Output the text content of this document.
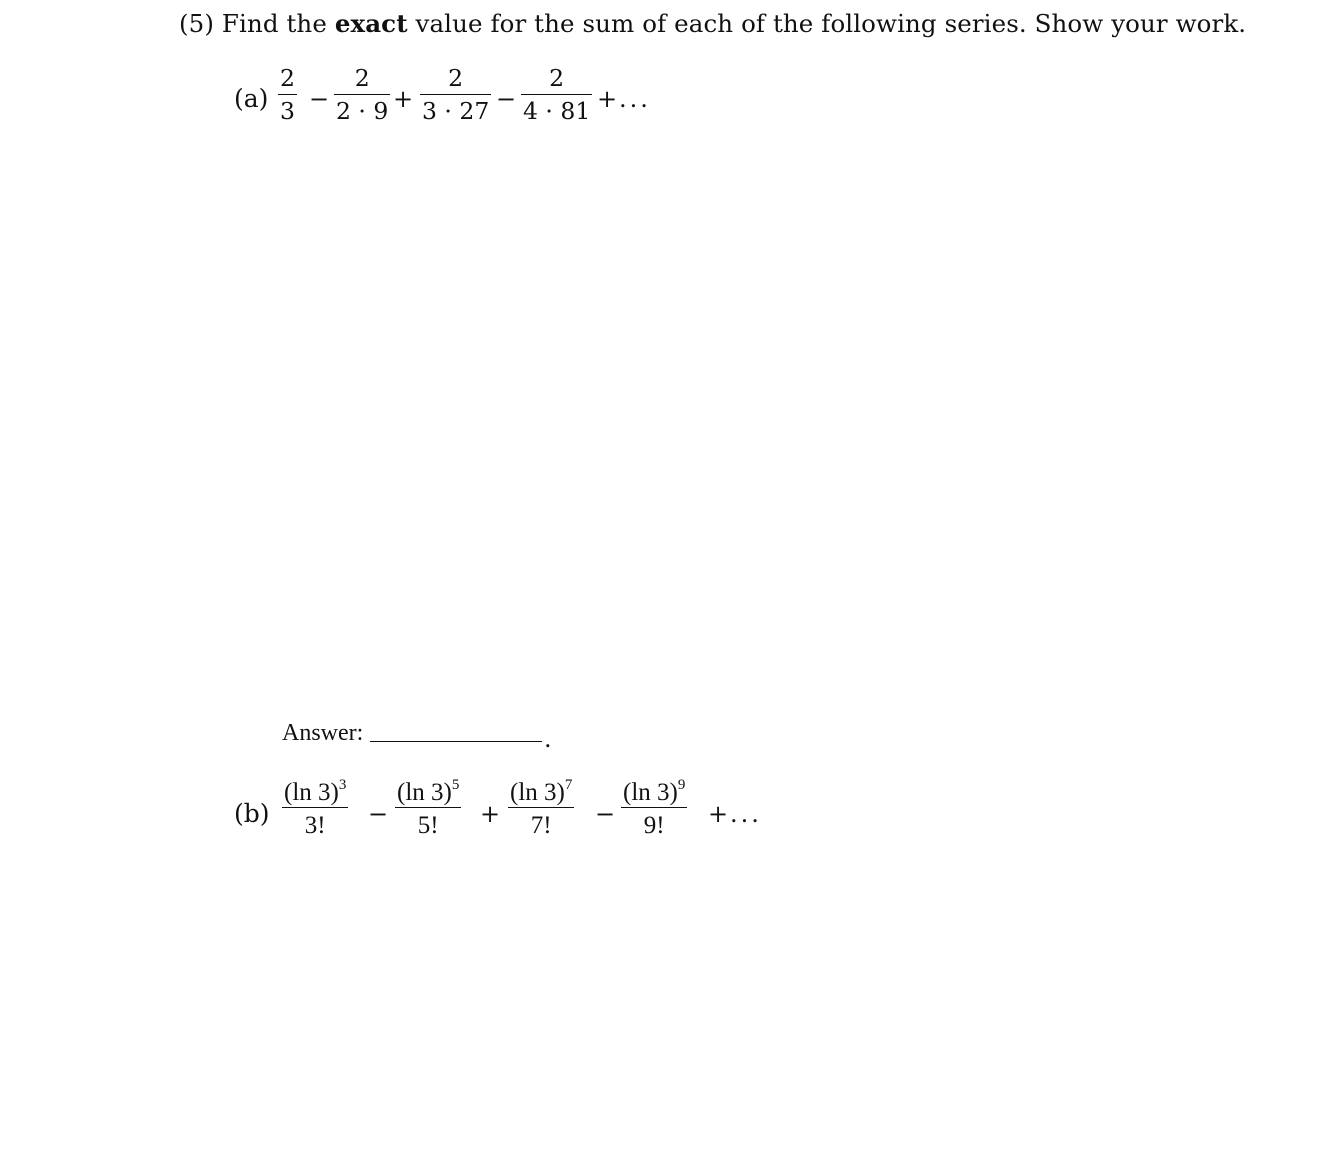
(5) Find the exact value for the sum of each of the following series. Show your work.
(a)
2
3 −
2
2 · 9 +
2
3 · 27 −
2
4 · 81 + ...
Answer:	.
(b)
(ln 3)$^3$
3! −
(ln 3)$^5$
5! +
(ln 3)$^7$
7! −
(ln 3)$^9$
9! + ...
